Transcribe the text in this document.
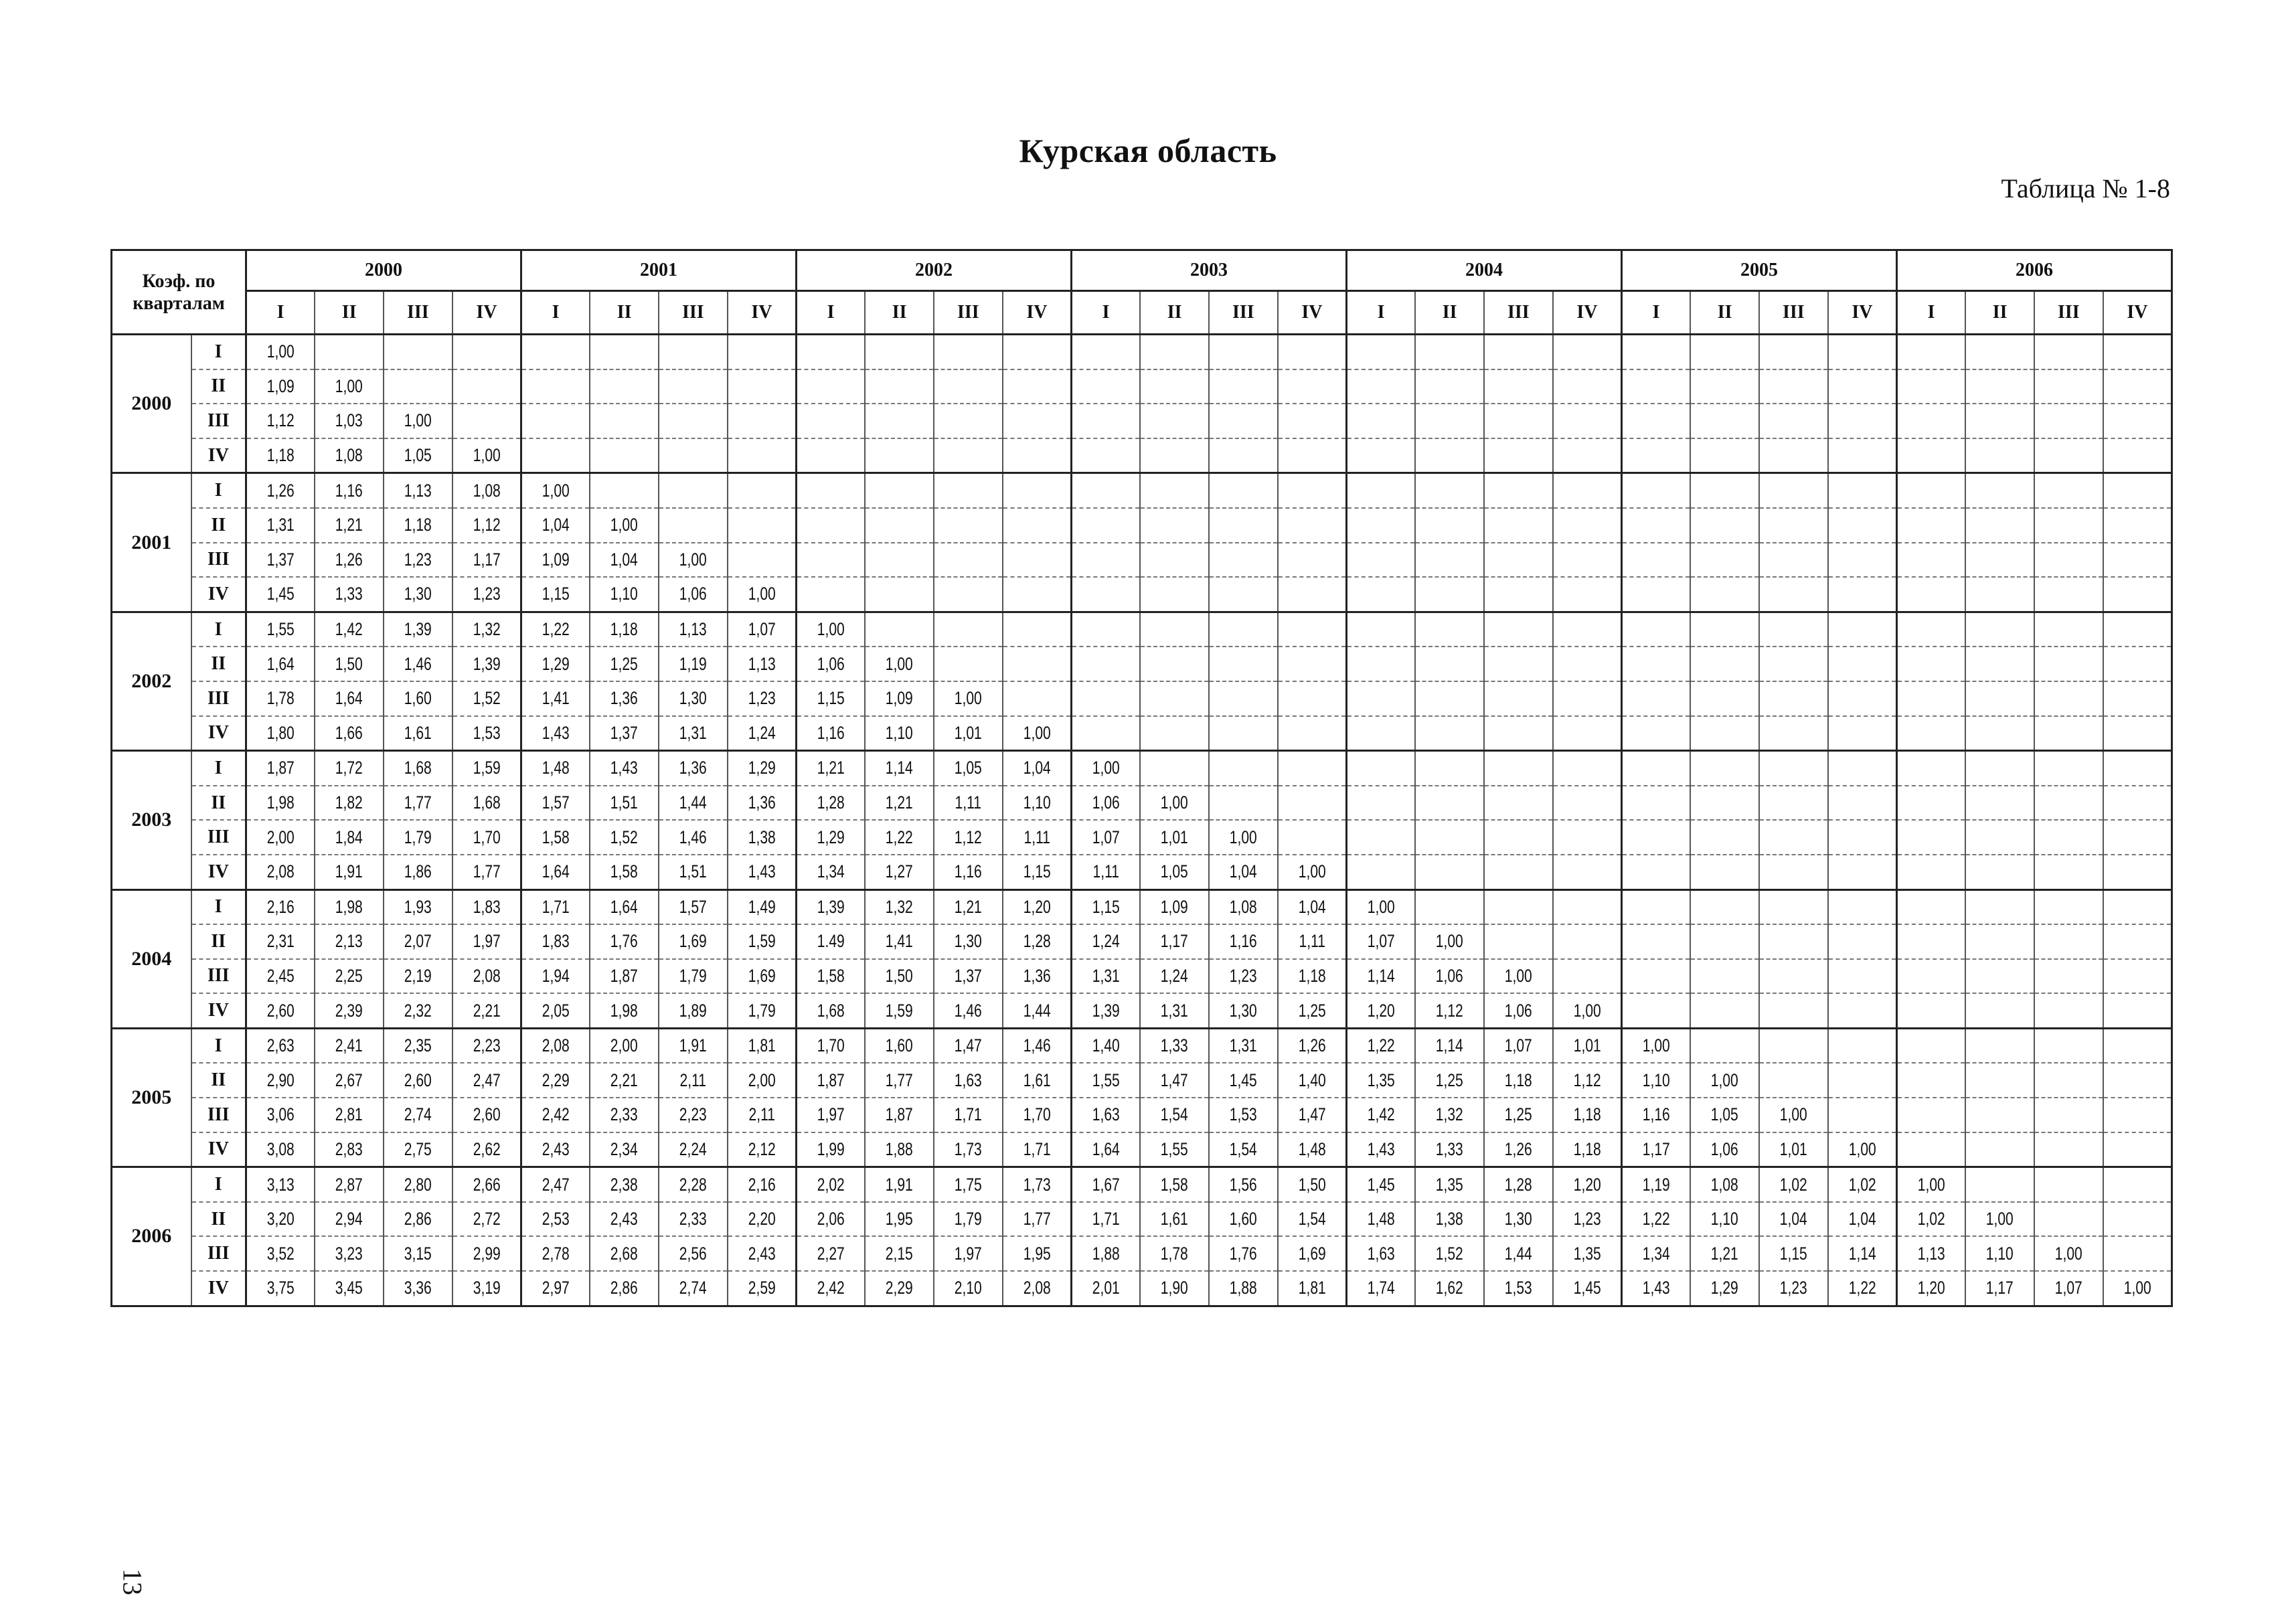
Курская область
Таблица № 1-8
Коэф. по кварталам		2000				2001				2002				2003				2004				2005				2006			
		I	II	III	IV	I	II	III	IV	I	II	III	IV	I	II	III	IV	I	II	III	IV	I	II	III	IV	I	II	III	IV
2000	I	1,00																											
	II	1,09	1,00																										
	III	1,12	1,03	1,00																									
	IV	1,18	1,08	1,05	1,00																								
2001	I	1,26	1,16	1,13	1,08	1,00																							
	II	1,31	1,21	1,18	1,12	1,04	1,00																						
	III	1,37	1,26	1,23	1,17	1,09	1,04	1,00																					
	IV	1,45	1,33	1,30	1,23	1,15	1,10	1,06	1,00																				
2002	I	1,55	1,42	1,39	1,32	1,22	1,18	1,13	1,07	1,00																			
	II	1,64	1,50	1,46	1,39	1,29	1,25	1,19	1,13	1,06	1,00																		
	III	1,78	1,64	1,60	1,52	1,41	1,36	1,30	1,23	1,15	1,09	1,00																	
	IV	1,80	1,66	1,61	1,53	1,43	1,37	1,31	1,24	1,16	1,10	1,01	1,00																
2003	I	1,87	1,72	1,68	1,59	1,48	1,43	1,36	1,29	1,21	1,14	1,05	1,04	1,00															
	II	1,98	1,82	1,77	1,68	1,57	1,51	1,44	1,36	1,28	1,21	1,11	1,10	1,06	1,00														
	III	2,00	1,84	1,79	1,70	1,58	1,52	1,46	1,38	1,29	1,22	1,12	1,11	1,07	1,01	1,00													
	IV	2,08	1,91	1,86	1,77	1,64	1,58	1,51	1,43	1,34	1,27	1,16	1,15	1,11	1,05	1,04	1,00												
2004	I	2,16	1,98	1,93	1,83	1,71	1,64	1,57	1,49	1,39	1,32	1,21	1,20	1,15	1,09	1,08	1,04	1,00											
	II	2,31	2,13	2,07	1,97	1,83	1,76	1,69	1,59	1.49	1,41	1,30	1,28	1,24	1,17	1,16	1,11	1,07	1,00										
	III	2,45	2,25	2,19	2,08	1,94	1,87	1,79	1,69	1,58	1,50	1,37	1,36	1,31	1,24	1,23	1,18	1,14	1,06	1,00									
	IV	2,60	2,39	2,32	2,21	2,05	1,98	1,89	1,79	1,68	1,59	1,46	1,44	1,39	1,31	1,30	1,25	1,20	1,12	1,06	1,00								
2005	I	2,63	2,41	2,35	2,23	2,08	2,00	1,91	1,81	1,70	1,60	1,47	1,46	1,40	1,33	1,31	1,26	1,22	1,14	1,07	1,01	1,00							
	II	2,90	2,67	2,60	2,47	2,29	2,21	2,11	2,00	1,87	1,77	1,63	1,61	1,55	1,47	1,45	1,40	1,35	1,25	1,18	1,12	1,10	1,00						
	III	3,06	2,81	2,74	2,60	2,42	2,33	2,23	2,11	1,97	1,87	1,71	1,70	1,63	1,54	1,53	1,47	1,42	1,32	1,25	1,18	1,16	1,05	1,00					
	IV	3,08	2,83	2,75	2,62	2,43	2,34	2,24	2,12	1,99	1,88	1,73	1,71	1,64	1,55	1,54	1,48	1,43	1,33	1,26	1,18	1,17	1,06	1,01	1,00				
2006	I	3,13	2,87	2,80	2,66	2,47	2,38	2,28	2,16	2,02	1,91	1,75	1,73	1,67	1,58	1,56	1,50	1,45	1,35	1,28	1,20	1,19	1,08	1,02	1,02	1,00			
	II	3,20	2,94	2,86	2,72	2,53	2,43	2,33	2,20	2,06	1,95	1,79	1,77	1,71	1,61	1,60	1,54	1,48	1,38	1,30	1,23	1,22	1,10	1,04	1,04	1,02	1,00		
	III	3,52	3,23	3,15	2,99	2,78	2,68	2,56	2,43	2,27	2,15	1,97	1,95	1,88	1,78	1,76	1,69	1,63	1,52	1,44	1,35	1,34	1,21	1,15	1,14	1,13	1,10	1,00	
	IV	3,75	3,45	3,36	3,19	2,97	2,86	2,74	2,59	2,42	2,29	2,10	2,08	2,01	1,90	1,88	1,81	1,74	1,62	1,53	1,45	1,43	1,29	1,23	1,22	1,20	1,17	1,07	1,00
13
